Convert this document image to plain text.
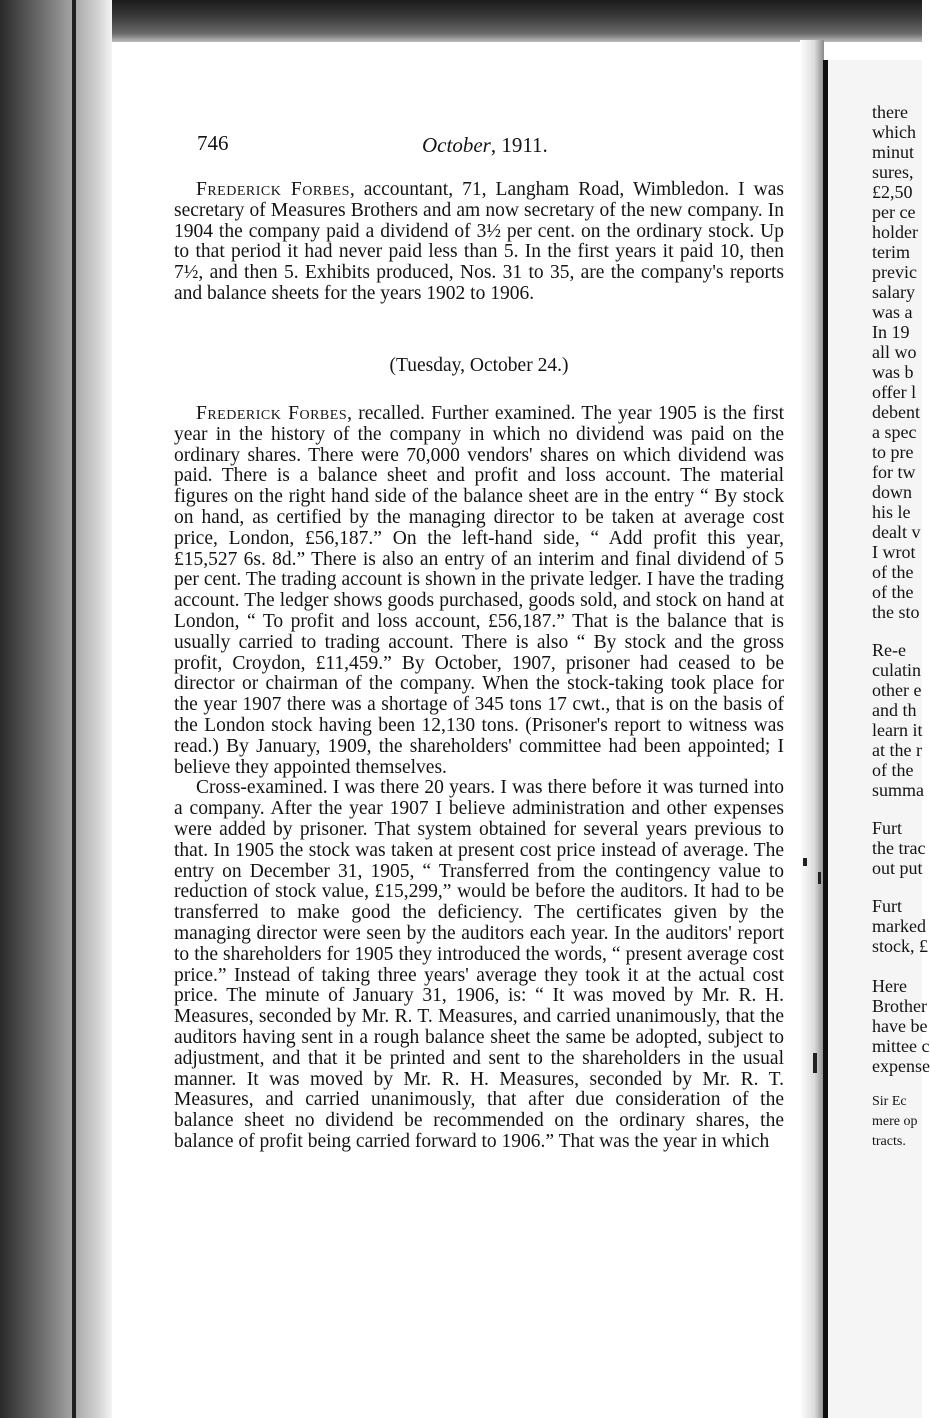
there
which
minut
sures,
£2,50
per ce
holder
terim
previc
salary
was a
In 19
all wo
was b
offer l
debent
a spec
to pre
for tw
down
his le
dealt v
I wrot
of the
of the
the sto
Re-e
culatin
other e
and th
learn it
at the r
of the
summa
Furt
the trac
out put
Furt
marked
stock, £
Here
Brother
have be
mittee c
expense
Sir Ec
mere op
tracts.
746	October, 1911.

Frederick Forbes, accountant, 71, Langham Road, Wimbledon. I was secretary of Measures Brothers and am now secretary of the new company. In 1904 the company paid a dividend of 3½ per cent. on the ordinary stock. Up to that period it had never paid less than 5. In the first years it paid 10, then 7½, and then 5. Exhibits produced, Nos. 31 to 35, are the company's reports and balance sheets for the years 1902 to 1906.

(Tuesday, October 24.)

Frederick Forbes, recalled. Further examined. The year 1905 is the first year in the history of the company in which no dividend was paid on the ordinary shares. There were 70,000 vendors' shares on which dividend was paid. There is a balance sheet and profit and loss account. The material figures on the right hand side of the balance sheet are in the entry “ By stock on hand, as certified by the managing director to be taken at average cost price, London, £56,187.” On the left-hand side, “ Add profit this year, £15,527 6s. 8d.” There is also an entry of an interim and final dividend of 5 per cent. The trading account is shown in the private ledger. I have the trading account. The ledger shows goods purchased, goods sold, and stock on hand at London, “ To profit and loss account, £56,187.” That is the balance that is usually carried to trading account. There is also “ By stock and the gross profit, Croydon, £11,459.” By October, 1907, prisoner had ceased to be director or chairman of the company. When the stock-taking took place for the year 1907 there was a shortage of 345 tons 17 cwt., that is on the basis of the London stock having been 12,130 tons. (Prisoner's report to witness was read.) By January, 1909, the shareholders' committee had been appointed; I believe they appointed themselves.

Cross-examined. I was there 20 years. I was there before it was turned into a company. After the year 1907 I believe administration and other expenses were added by prisoner. That system obtained for several years previous to that. In 1905 the stock was taken at present cost price instead of average. The entry on December 31, 1905, “ Transferred from the contingency value to reduction of stock value, £15,299,” would be before the auditors. It had to be transferred to make good the deficiency. The certificates given by the managing director were seen by the auditors each year. In the auditors' report to the shareholders for 1905 they introduced the words, “ present average cost price.” Instead of taking three years' average they took it at the actual cost price. The minute of January 31, 1906, is: “ It was moved by Mr. R. H. Measures, seconded by Mr. R. T. Measures, and carried unanimously, that the auditors having sent in a rough balance sheet the same be adopted, subject to adjustment, and that it be printed and sent to the shareholders in the usual manner. It was moved by Mr. R. H. Measures, seconded by Mr. R. T. Measures, and carried unanimously, that after due consideration of the balance sheet no dividend be recommended on the ordinary shares, the balance of profit being carried forward to 1906.” That was the year in which
